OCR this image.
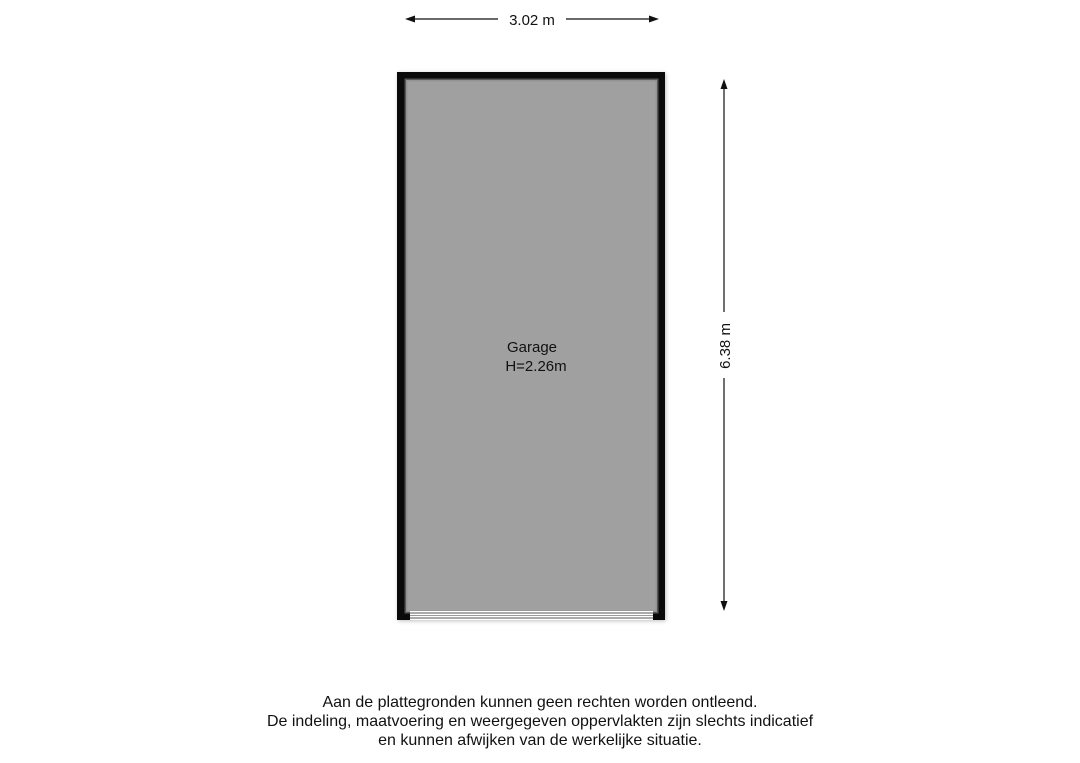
3.02 m
Garage
H=2.26m	6.38 m
Aan de plattegronden kunnen geen rechten worden ontleend.
De indeling, maatvoering en weergegeven oppervlakten zijn slechts indicatief
en kunnen afwijken van de werkelijke situatie.
